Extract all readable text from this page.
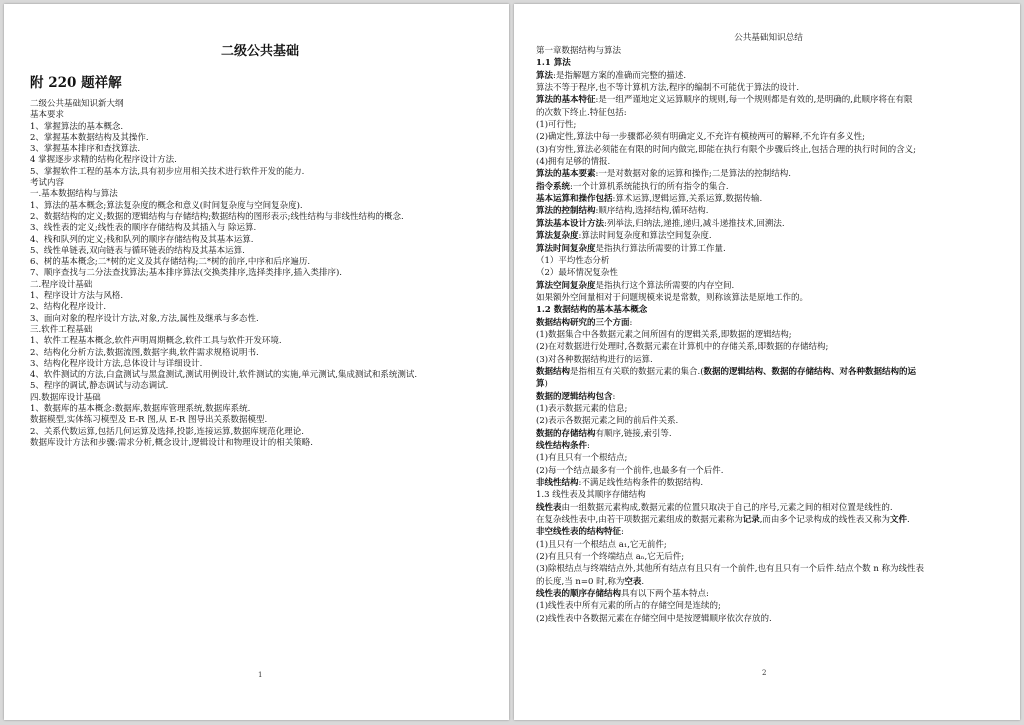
二级公共基础
附 220 题祥解
二级公共基础知识新大纲
基本要求
1、掌握算法的基本概念.
2、掌握基本数据结构及其操作.
3、掌握基本排序和查找算法.
4 掌握逐步求精的结构化程序设计方法.
5、掌握软件工程的基本方法,具有初步应用相关技术进行软件开发的能力.
考试内容
一.基本数据结构与算法
1、算法的基本概念;算法复杂度的概念和意义(时间复杂度与空间复杂度).
2、数据结构的定义;数据的逻辑结构与存储结构;数据结构的图形表示;线性结构与非线性结构的概念.
3、线性表的定义;线性表的顺序存储结构及其插入与 除运算.
4、栈和队列的定义;栈和队列的顺序存储结构及其基本运算.
5、线性单链表,双向链表与循环链表的结构及其基本运算.
6、树的基本概念;二*树的定义及其存储结构;二*树的前序,中序和后序遍历.
7、顺序查找与二分法查找算法;基本排序算法(交换类排序,选择类排序,插入类排序).
二.程序设计基础
1、程序设计方法与风格.
2、结构化程序设计.
3、面向对象的程序设计方法,对象,方法,属性及继承与多态性.
三.软件工程基础
1、软件工程基本概念,软件声明周期概念,软件工具与软件开发环境.
2、结构化分析方法,数据流图,数据字典,软件需求规格说明书.
3、结构化程序设计方法,总体设计与详细设计.
4、软件测试的方法,白盒测试与黑盒测试,测试用例设计,软件测试的实施,单元测试,集成测试和系统测试.
5、程序的调试,静态调试与动态调试.
四.数据库设计基础
1、数据库的基本概念:数据库,数据库管理系统,数据库系统.
数据模型,实体练习模型及 E-R 图,从 E-R 图导出关系数据模型.
2、关系代数运算,包括几何运算及选择,投影,连接运算,数据库规范化理论.
数据库设计方法和步骤:需求分析,概念设计,逻辑设计和物理设计的相关策略.
1
公共基础知识总结
第一章数据结构与算法
1.1 算法
算法:是指解题方案的准确而完整的描述.
算法不等于程序,也不等计算机方法,程序的编制不可能优于算法的设计.
算法的基本特征:是一组严谨地定义运算顺序的规则,每一个规则都是有效的,是明确的,此顺序将在有限
的次数下终止.特征包括:
(1)可行性;
(2)确定性,算法中每一步骤都必须有明确定义,不充许有模棱两可的解释,不允许有多义性;
(3)有穷性,算法必须能在有限的时间内做完,即能在执行有限个步骤后终止,包括合理的执行时间的含义;
(4)拥有足够的情报.
算法的基本要素:一是对数据对象的运算和操作;二是算法的控制结构.
指令系统:一个计算机系统能执行的所有指令的集合.
基本运算和操作包括:算术运算,逻辑运算,关系运算,数据传输.
算法的控制结构:顺序结构,选择结构,循环结构.
算法基本设计方法:列举法,归纳法,递推,递归,减斗递推技术,回溯法.
算法复杂度:算法时间复杂度和算法空间复杂度.
算法时间复杂度是指执行算法所需要的计算工作量.
（1）平均性态分析
（2）最坏情况复杂性
算法空间复杂度是指执行这个算法所需要的内存空间.
如果额外空间量相对于问题规模来说是常数，则称该算法是原地工作的。
1.2 数据结构的基本基本概念
数据结构研究的三个方面:
(1)数据集合中各数据元素之间所固有的逻辑关系,即数据的逻辑结构;
(2)在对数据进行处理时,各数据元素在计算机中的存储关系,即数据的存储结构;
(3)对各种数据结构进行的运算.
数据结构是指相互有关联的数据元素的集合.(数据的逻辑结构、数据的存储结构、对各种数据结构的运
算)
数据的逻辑结构包含:
(1)表示数据元素的信息;
(2)表示各数据元素之间的前后件关系.
数据的存储结构有顺序,链接,索引等.
线性结构条件:
(1)有且只有一个根结点;
(2)每一个结点最多有一个前件,也最多有一个后件.
非线性结构:不满足线性结构条件的数据结构.
1.3 线性表及其顺序存储结构
线性表由一组数据元素构成,数据元素的位置只取决于自己的序号,元素之间的相对位置是线性的.
在复杂线性表中,由若干项数据元素组成的数据元素称为记录,而由多个记录构成的线性表又称为文件.
非空线性表的结构特征:
(1)且只有一个根结点 a₁,它无前件;
(2)有且只有一个终端结点 aₙ,它无后件;
(3)除根结点与终端结点外,其他所有结点有且只有一个前件,也有且只有一个后件.结点个数 n 称为线性表
的长度,当 n=0 时,称为空表.
线性表的顺序存储结构具有以下两个基本特点:
(1)线性表中所有元素的所占的存储空间是连续的;
(2)线性表中各数据元素在存储空间中是按逻辑顺序依次存放的.
2
